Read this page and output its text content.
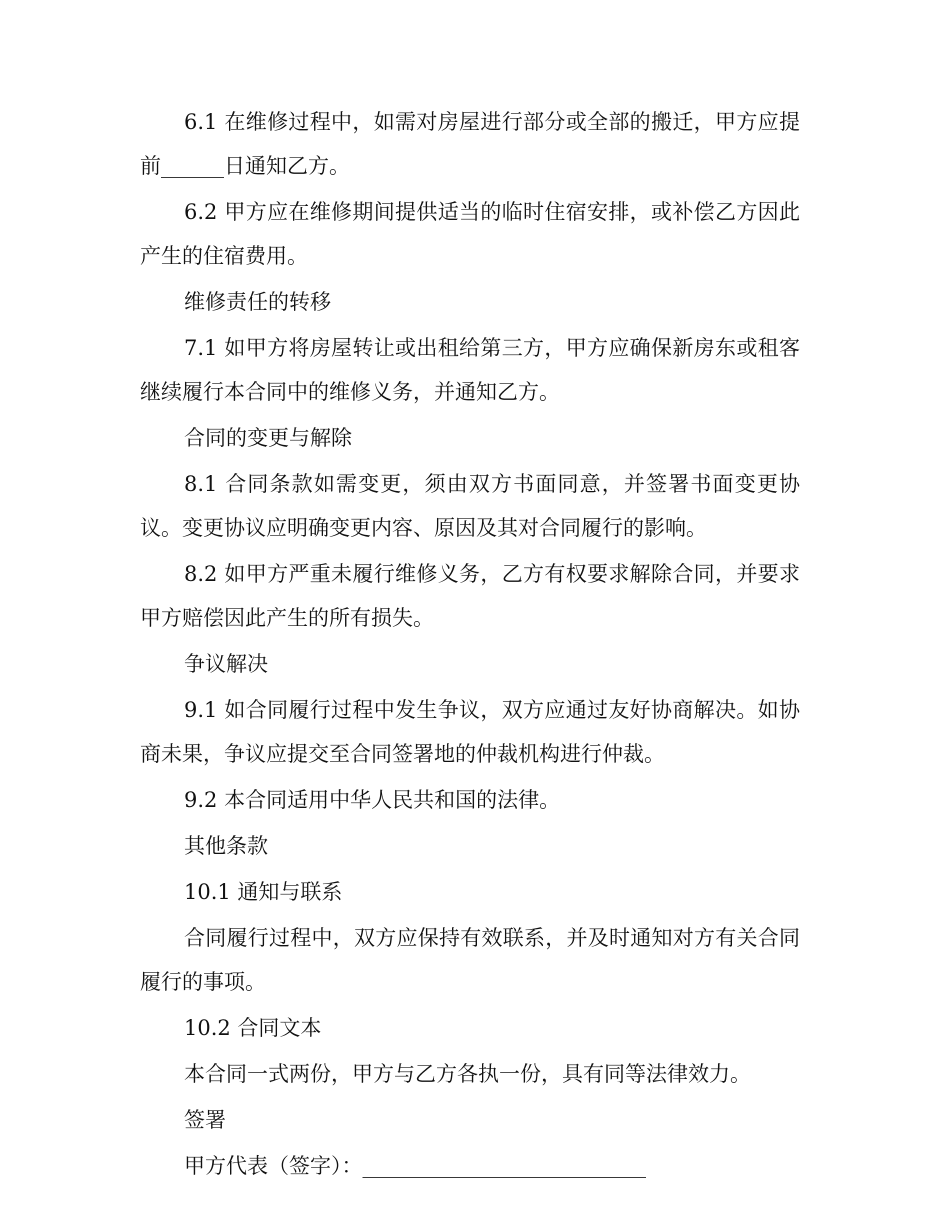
6.1 在维修过程中，如需对房屋进行部分或全部的搬迁，甲方应提前______日通知乙方。

6.2 甲方应在维修期间提供适当的临时住宿安排，或补偿乙方因此产生的住宿费用。

维修责任的转移

7.1 如甲方将房屋转让或出租给第三方，甲方应确保新房东或租客继续履行本合同中的维修义务，并通知乙方。

合同的变更与解除

8.1 合同条款如需变更，须由双方书面同意，并签署书面变更协议。变更协议应明确变更内容、原因及其对合同履行的影响。

8.2 如甲方严重未履行维修义务，乙方有权要求解除合同，并要求甲方赔偿因此产生的所有损失。

争议解决

9.1 如合同履行过程中发生争议，双方应通过友好协商解决。如协商未果，争议应提交至合同签署地的仲裁机构进行仲裁。

9.2 本合同适用中华人民共和国的法律。

其他条款

10.1 通知与联系

合同履行过程中，双方应保持有效联系，并及时通知对方有关合同履行的事项。

10.2 合同文本

本合同一式两份，甲方与乙方各执一份，具有同等法律效力。

签署

甲方代表（签字）：___________________________
